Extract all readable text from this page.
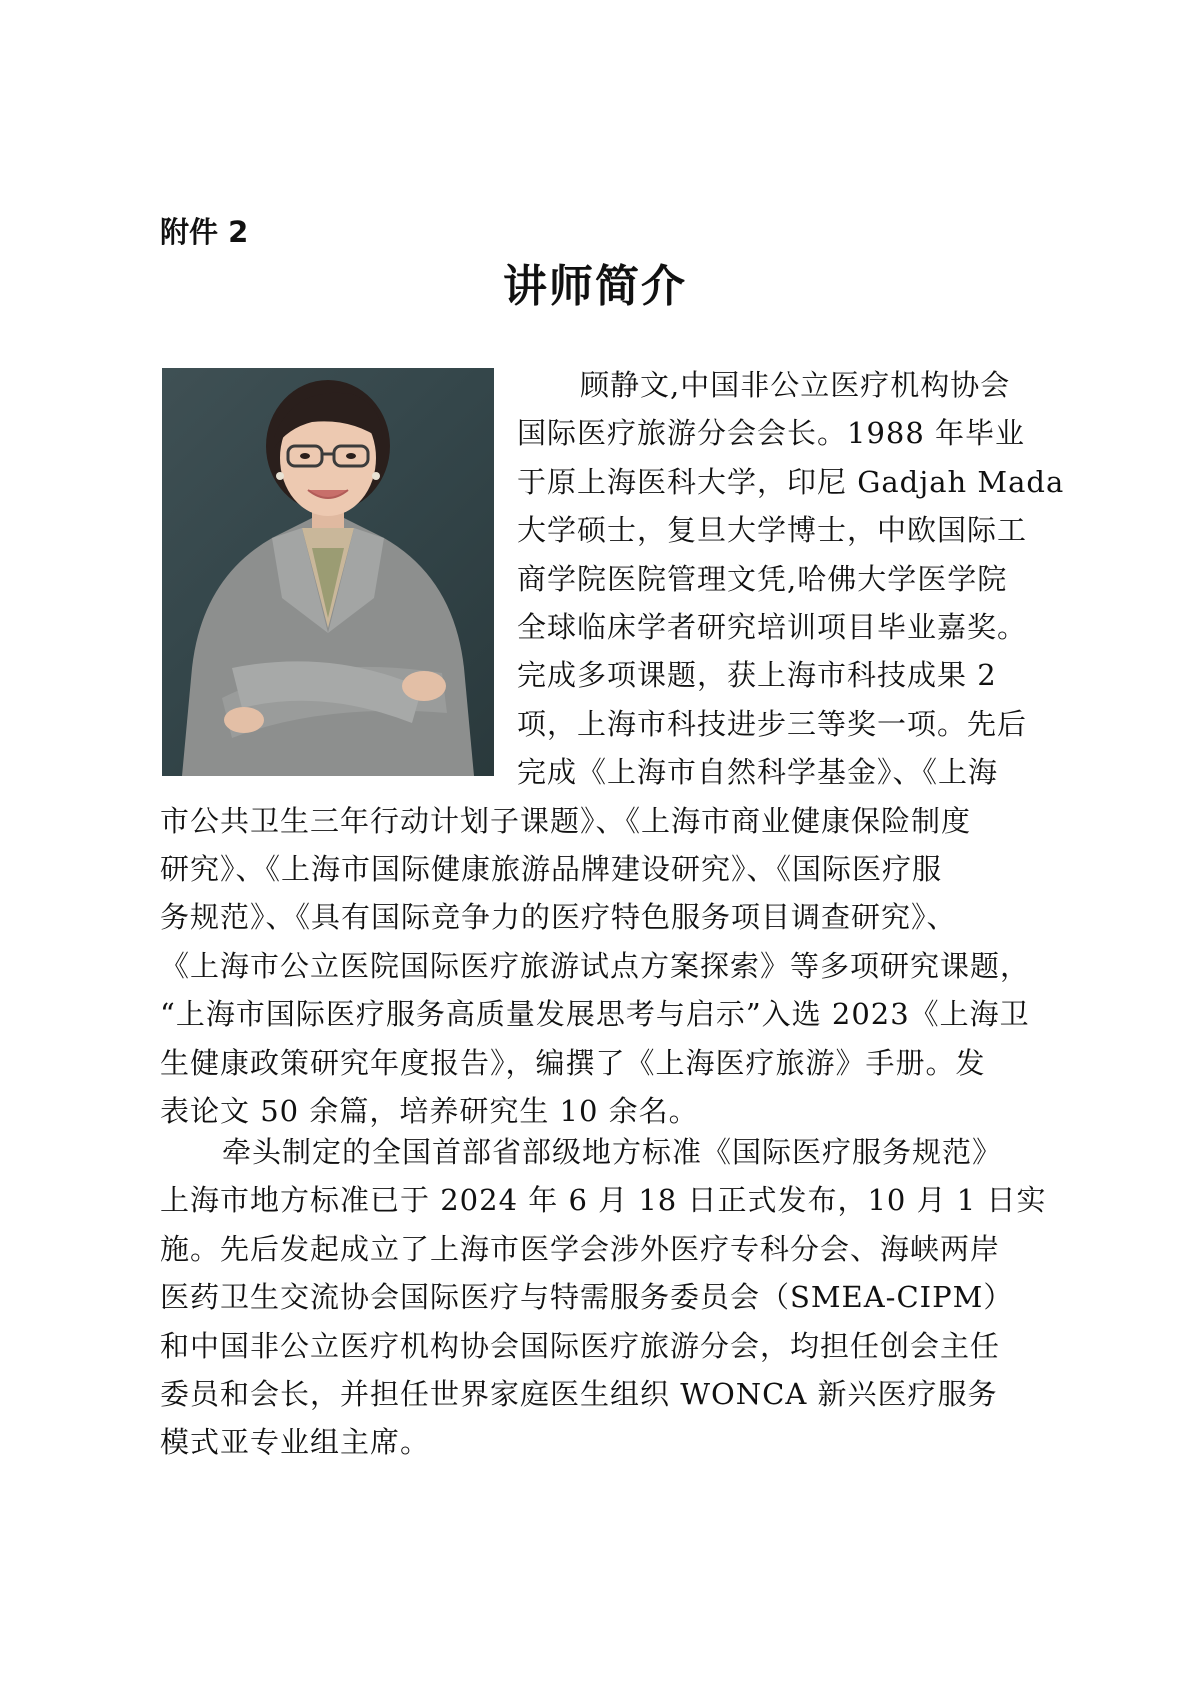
附件 2
讲师简介

顾静文,中国非公立医疗机构协会
国际医疗旅游分会会长。1988 年毕业
于原上海医科大学，印尼 Gadjah Mada
大学硕士，复旦大学博士，中欧国际工
商学院医院管理文凭,哈佛大学医学院
全球临床学者研究培训项目毕业嘉奖。
完成多项课题，获上海市科技成果 2
项，上海市科技进步三等奖一项。先后
完成《上海市自然科学基金》、《上海
市公共卫生三年行动计划子课题》、《上海市商业健康保险制度
研究》、《上海市国际健康旅游品牌建设研究》、《国际医疗服
务规范》、《具有国际竞争力的医疗特色服务项目调查研究》、
《上海市公立医院国际医疗旅游试点方案探索》等多项研究课题，
“上海市国际医疗服务高质量发展思考与启示”入选 2023《上海卫
生健康政策研究年度报告》，编撰了《上海医疗旅游》手册。发
表论文 50 余篇，培养研究生 10 余名。

牵头制定的全国首部省部级地方标准《国际医疗服务规范》
上海市地方标准已于 2024 年 6 月 18 日正式发布，10 月 1 日实
施。先后发起成立了上海市医学会涉外医疗专科分会、海峡两岸
医药卫生交流协会国际医疗与特需服务委员会（SMEA-CIPM）
和中国非公立医疗机构协会国际医疗旅游分会，均担任创会主任
委员和会长，并担任世界家庭医生组织 WONCA 新兴医疗服务
模式亚专业组主席。
